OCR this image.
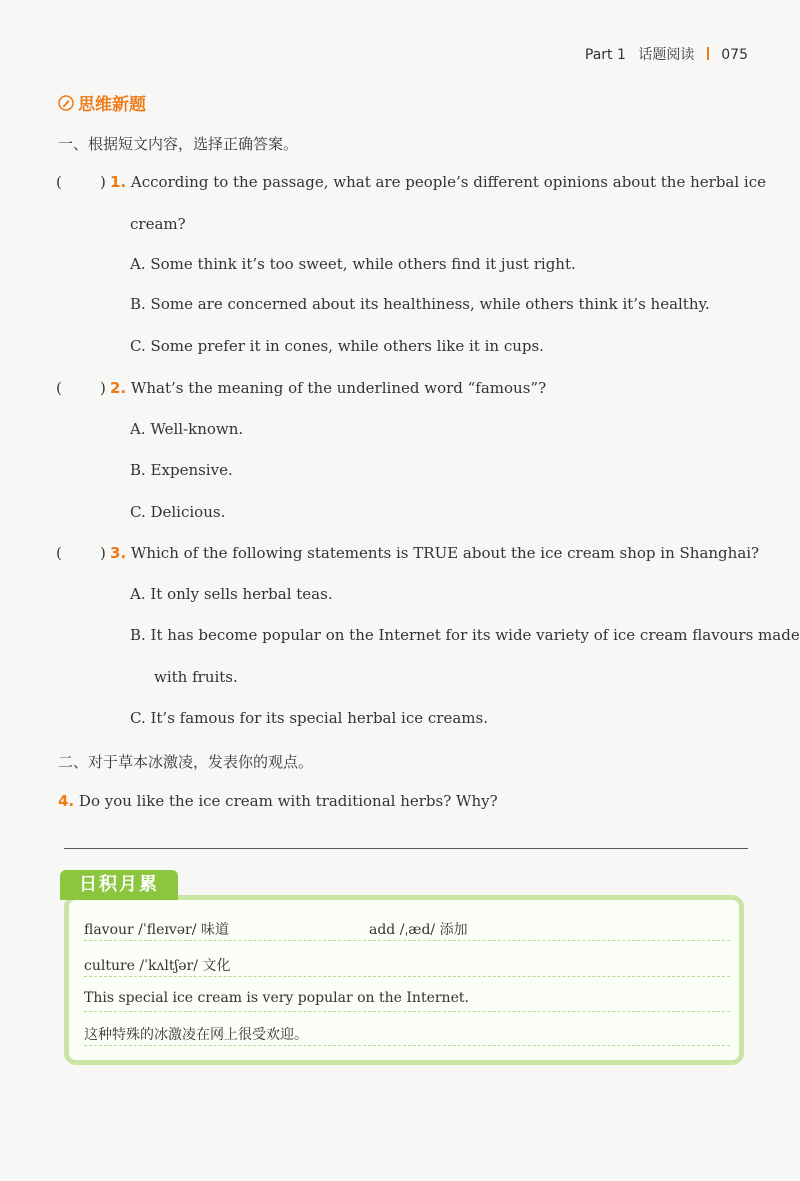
Part 1 话题阅读 075
思维新题
一、根据短文内容，选择正确答案。
(	) 1. According to the passage, what are people’s different opinions about the herbal ice
cream?
A. Some think it’s too sweet, while others find it just right.
B. Some are concerned about its healthiness, while others think it’s healthy.
C. Some prefer it in cones, while others like it in cups.
(	) 2. What’s the meaning of the underlined word “famous”?
A. Well-known.
B. Expensive.
C. Delicious.
(	) 3. Which of the following statements is TRUE about the ice cream shop in Shanghai?
A. It only sells herbal teas.
B. It has become popular on the Internet for its wide variety of ice cream flavours made
with fruits.
C. It’s famous for its special herbal ice creams.
二、对于草本冰激凌，发表你的观点。
4. Do you like the ice cream with traditional herbs? Why?
日积月累
flavour /ˈfleɪvər/ 味道	add /ˌæd/ 添加
culture /ˈkʌltʃər/ 文化
This special ice cream is very popular on the Internet.
这种特殊的冰激凌在网上很受欢迎。
